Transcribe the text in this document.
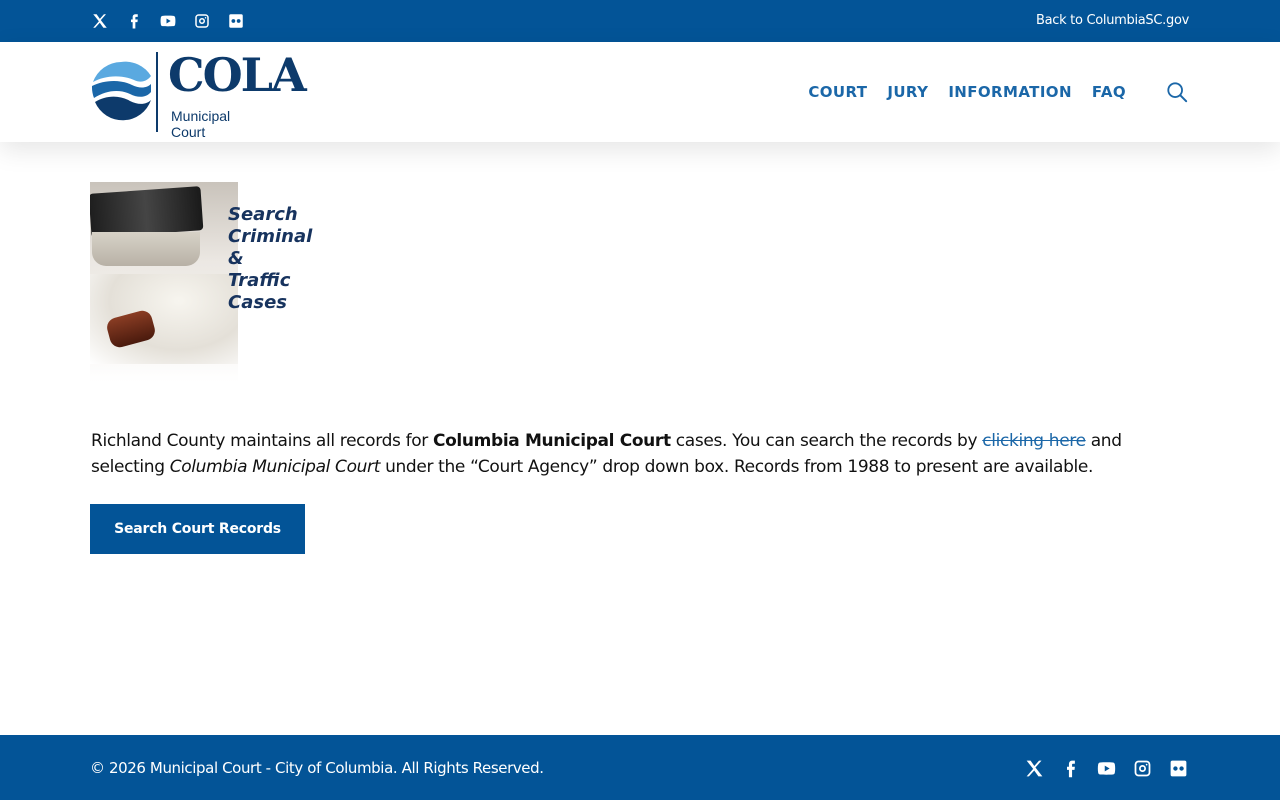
Back to ColumbiaSC.gov
COLA
Municipal
Court
COURT JURY INFORMATION FAQ
Search
Criminal &
Traffic
Cases

Richland County maintains all records for Columbia Municipal Court cases. You can search the records by clicking here and selecting Columbia Municipal Court under the “Court Agency” drop down box. Records from 1988 to present are available.

Search Court Records
© 2026 Municipal Court - City of Columbia. All Rights Reserved.
